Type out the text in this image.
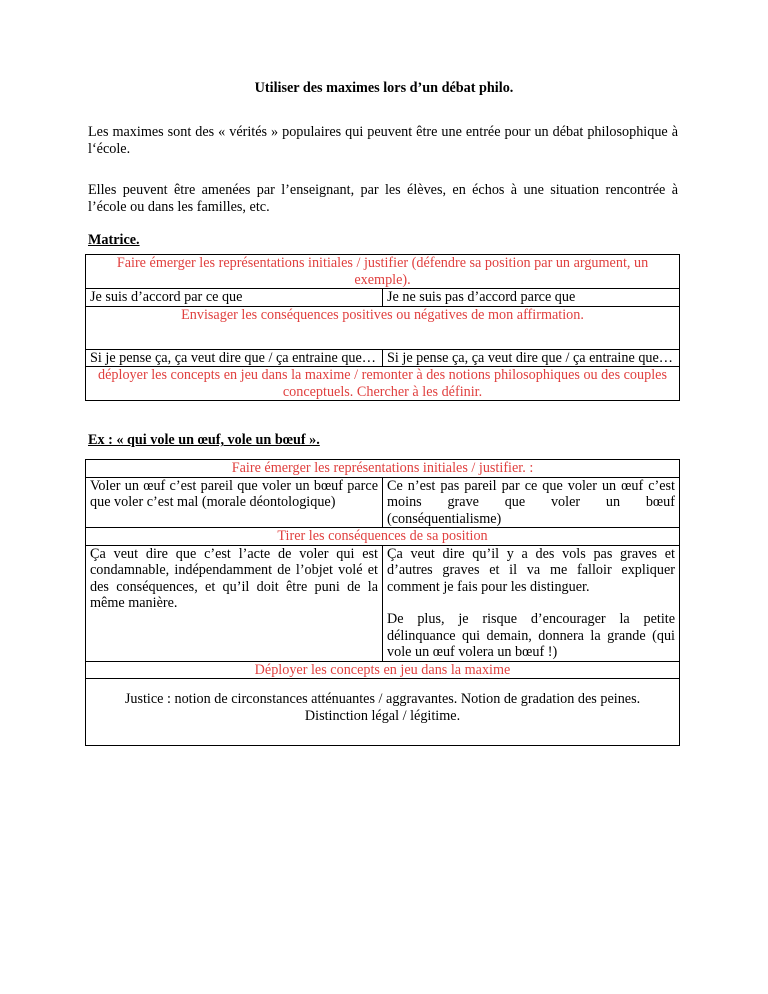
Utiliser des maximes lors d’un débat philo.
Les maximes sont des « vérités » populaires qui peuvent être une entrée pour un débat philosophique à l‘école.
Elles peuvent être amenées par l’enseignant, par les élèves, en échos à une situation rencontrée à l’école ou dans les familles, etc.
Matrice.
Faire émerger les représentations initiales / justifier (défendre sa position par un argument, un exemple).	
Je suis d’accord par ce que	Je ne suis pas d’accord parce que
Envisager les conséquences positives ou négatives de mon affirmation.	
Si je pense ça, ça veut dire que / ça entraine que…	Si je pense ça, ça veut dire que / ça entraine que…
déployer les concepts en jeu dans la maxime / remonter à des notions philosophiques ou des couples conceptuels. Chercher à les définir.	
Ex : « qui vole un œuf, vole un bœuf ».
Faire émerger les représentations initiales / justifier. :	
Voler un œuf c’est pareil que voler un bœuf parce que voler c’est mal (morale déontologique)	Ce n’est pas pareil par ce que voler un œuf c’est moins grave que voler un bœuf (conséquentialisme)
Tirer les conséquences de sa position	
Ça veut dire que c’est l’acte de voler qui est condamnable, indépendamment de l’objet volé et des conséquences, et qu’il doit être puni de la même manière.	Ça veut dire qu’il y a des vols pas graves et d’autres graves et il va me falloir expliquer comment je fais pour les distinguer.
De plus, je risque d’encourager la petite délinquance qui demain, donnera la grande (qui vole un œuf volera un bœuf !)

Déployer les concepts en jeu dans la maxime	
Justice : notion de circonstances atténuantes / aggravantes. Notion de gradation des peines. Distinction légal / légitime.	
